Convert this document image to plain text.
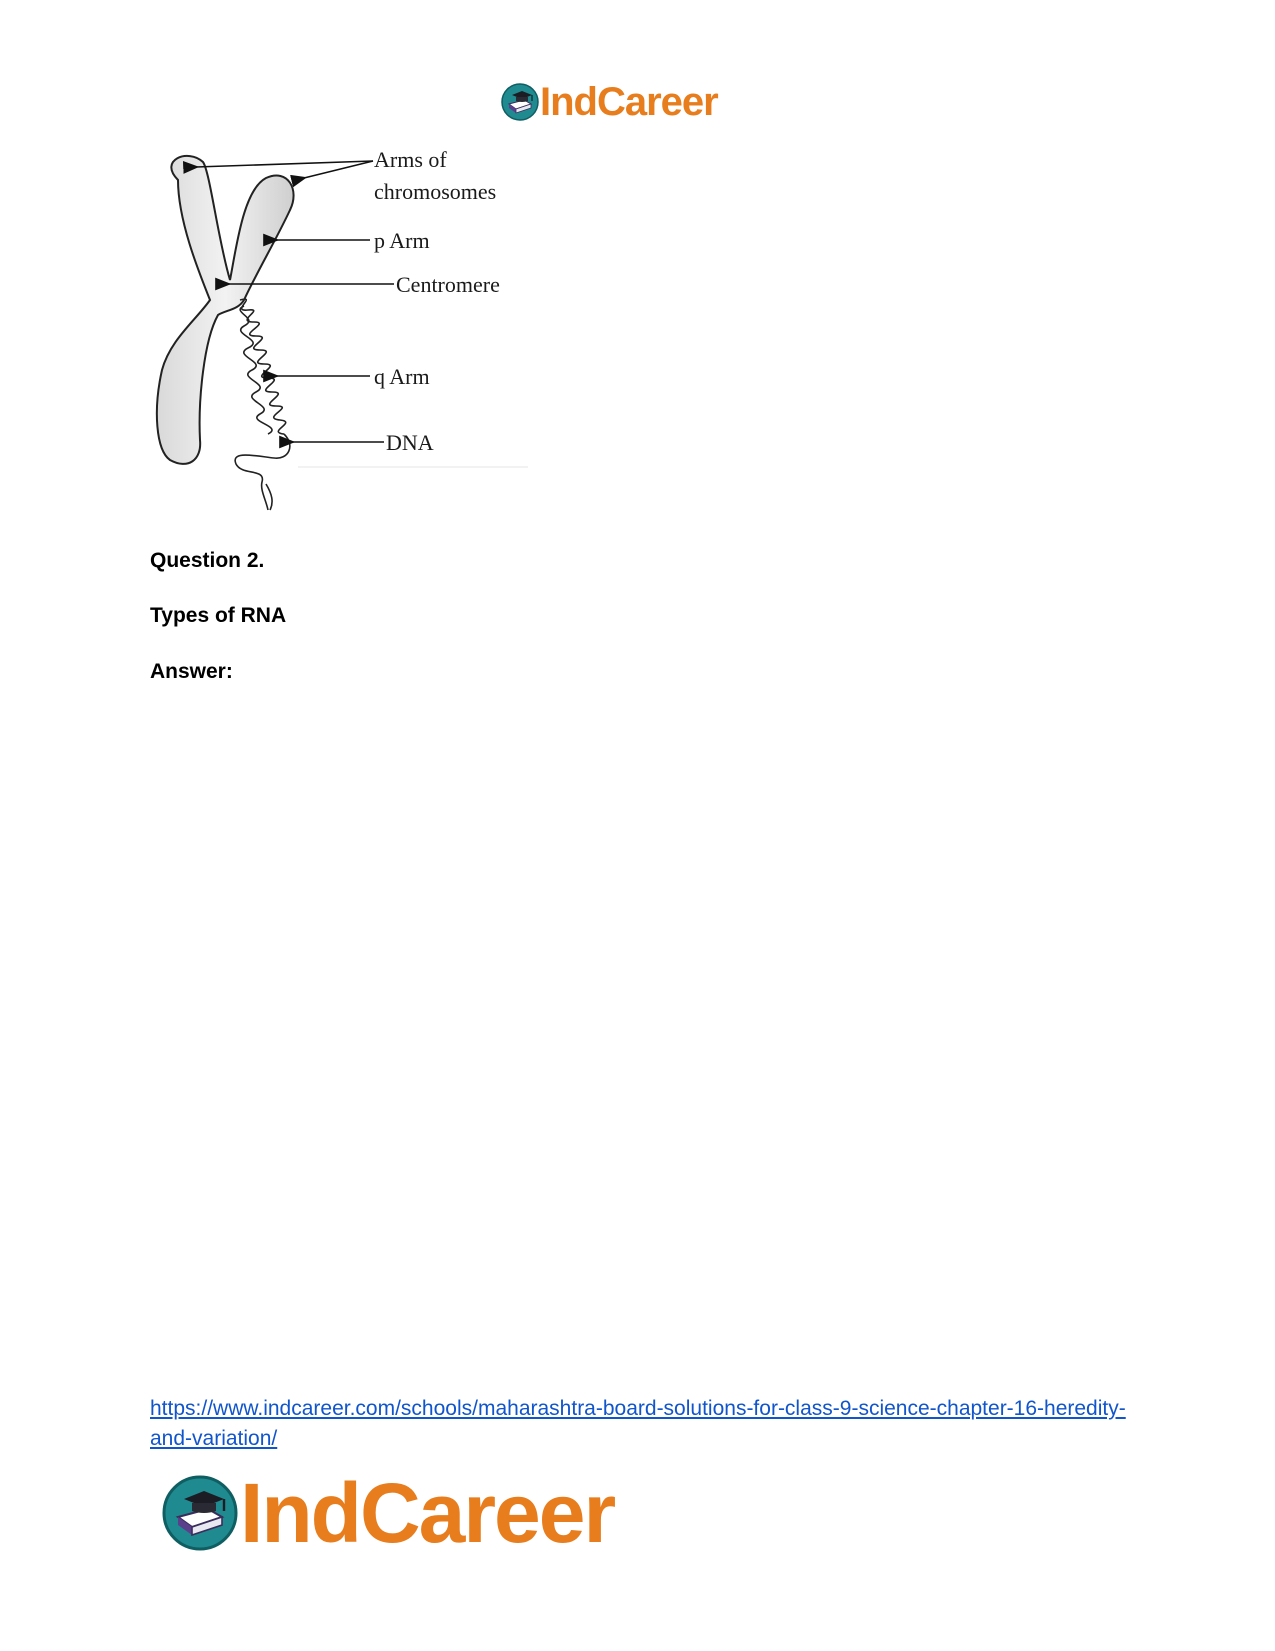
IndCareer
Arms of
chromosomes
p Arm
Centromere
q Arm
DNA

Question 2.

Types of RNA

Answer:

https://www.indcareer.com/schools/maharashtra-board-solutions-for-class-9-science-chapter-16-heredity-and-variation/
IndCareer
